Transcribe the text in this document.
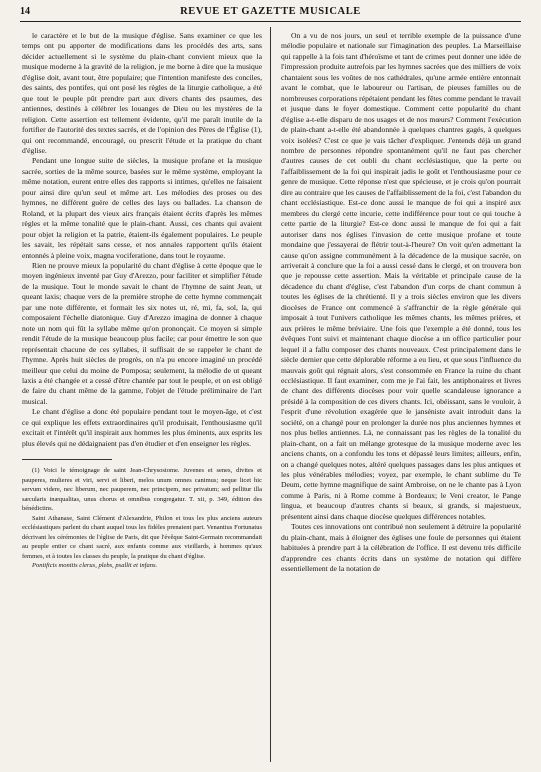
14	REVUE ET GAZETTE MUSICALE

le caractère et le but de la musique d'église. Sans examiner ce que les temps ont pu apporter de modifications dans les procédés des arts, sans décider actuellement si le système du plain-chant convient mieux que la musique moderne à la gravité de la religion, je me borne à dire que la musique d'église doit, avant tout, être populaire; que l'intention manifeste des conciles, des saints, des pontifes, qui ont posé les règles de la liturgie catholique, a été que tout le peuple pût prendre part aux divers chants des psaumes, des antiennes, destinés à célébrer les louanges de Dieu ou les mystères de la religion. Cette assertion est tellement évidente, qu'il me paraît inutile de la fortifier de l'autorité des textes sacrés, et de l'opinion des Pères de l'Église (1), qui ont recommandé, encouragé, ou prescrit l'étude et la pratique du chant d'église.

Pendant une longue suite de siècles, la musique profane et la musique sacrée, sorties de la même source, basées sur le même système, employant la même notation, eurent entre elles des rapports si intimes, qu'elles ne faisaient pour ainsi dire qu'un seul et même art. Les mélodies des proses ou des hymnes, ne différent guère de celles des lays ou ballades. La chanson de Roland, et la plupart des vieux airs français étaient écrits d'après les mêmes règles et la même tonalité que le plain-chant. Aussi, ces chants qui avaient pour objet la religion et la patrie, étaient-ils également populaires. Le peuple les savait, les répétait sans cesse, et nos annales rapportent qu'ils étaient entonnés à pleine voix, magna vociferatione, dans tout le royaume.

Rien ne prouve mieux la popularité du chant d'église à cette époque que le moyen ingénieux inventé par Guy d'Arezzo, pour faciliter et simplifier l'étude de la musique. Tout le monde savait le chant de l'hymne de saint Jean, ut queant laxis; chaque vers de la première strophe de cette hymne commençait par une note différente, et formait les six notes ut, ré, mi, fa, sol, la, qui composaient l'échelle diatonique. Guy d'Arezzo imagina de donner à chaque note un nom qui fût la syllabe même qu'on prononçait. Ce moyen si simple rendit l'étude de la musique beaucoup plus facile; car pour émettre le son que représentait chacune de ces syllabes, il suffisait de se rappeler le chant de l'hymne. Après huit siècles de progrès, on n'a pu encore imaginé un procédé meilleur que celui du moine de Pomposa; seulement, la mélodie de ut queant laxis a été changée et a cessé d'être chantée par tout le peuple, et on est obligé de faire du chant même de la gamme, l'objet de l'étude préliminaire de l'art musical.

Le chant d'église a donc été populaire pendant tout le moyen-âge, et c'est ce qui explique les effets extraordinaires qu'il produisait, l'enthousiasme qu'il excitait et l'intérêt qu'il inspirait aux hommes les plus éminents, aux esprits les plus élevés qui ne dédaignaient pas d'en étudier et d'en enseigner les règles.

(1) Voici le témoignage de saint Jean-Chrysostome. Juvenes et senes, divites et pauperes, mulieres et viri, servi et liberi, melos unum omnes canimus; neque licet hic servum videre, nec liberum, nec pauperem, nec principem, nec privatum; sed pellitur illa sæcularis inæqualitas, unus chorus et omnibus congregatur. T. xii, p. 349, édition des bénédictins.

Saint Athanase, Saint Clément d'Alexandrie, Philon et tous les plus anciens auteurs ecclésiastiques parlent du chant auquel tous les fidèles prenaient part. Venantius Fortunatus décrivant les cérémonies de l'église de Paris, dit que l'évêque Saint-Germain recommandait au peuple entier ce chant sacré, aux enfants comme aux vieillards, à hommes qu'aux femmes, et à toutes les classes du peuple, la pratique du chant d'église.

Pontificis monitis clerus, plebs, psallit et infans.

On a vu de nos jours, un seul et terrible exemple de la puissance d'une mélodie populaire et nationale sur l'imagination des peuples. La Marseillaise qui rappelle à la fois tant d'héroïsme et tant de crimes peut donner une idée de l'impression produite autrefois par les hymnes sacrées que des milliers de voix chantaient sous les voûtes de nos cathédrales, qu'une armée entière entonnait avant le combat, que le laboureur ou l'artisan, de pieuses familles ou de nombreuses corporations répétaient pendant les fêtes comme pendant le travail et jusque dans le foyer domestique. Comment cette popularité du chant d'église a-t-elle disparu de nos usages et de nos mœurs? Comment l'exécution de plain-chant a-t-elle été abandonnée à quelques chantres gagés, à quelques voix isolées? C'est ce que je vais tâcher d'expliquer. J'entends déjà un grand nombre de personnes répondre spontanément qu'il ne faut pas chercher d'autres causes de cet oubli du chant ecclésiastique, que la perte ou l'affaiblissement de la foi qui inspirait jadis le goût et l'enthousiasme pour ce genre de musique. Cette réponse n'est que spécieuse, et je crois qu'on pourrait dire au contraire que les causes de l'affaiblissement de la foi, c'est l'abandon du chant ecclésiastique. Est-ce donc aussi le manque de foi qui a inspiré aux membres du clergé cette incurie, cette indifférence pour tout ce qui touche à cette partie de la liturgie? Est-ce donc aussi le manque de foi qui a fait autoriser dans nos églises l'invasion de cette musique profane et toute mondaine que j'essayerai de flétrir tout-à-l'heure? On voit qu'en admettant la cause qu'on assigne communément à la décadence de la musique sacrée, on arriverait à conclure que la foi a aussi cessé dans le clergé, et on trouvera bon que je repousse cette assertion. Mais la véritable et principale cause de la décadence du chant d'église, c'est l'abandon d'un corps de chant commun à toutes les églises de la chrétienté. Il y a trois siècles environ que les divers diocèses de France ont commencé à s'affranchir de la règle générale qui imposait à tout l'univers catholique les mêmes chants, les mêmes prières, et aux prières le même bréviaire. Une fois que l'exemple a été donné, tous les évêques l'ont suivi et maintenant chaque diocèse a un office particulier pour lequel il a fallu composer des chants nouveaux. C'est principalement dans le siècle dernier que cette déplorable réforme a eu lieu, et que sous l'influence du mauvais goût qui régnait alors, s'est consommée en France la ruine du chant ecclésiastique. Il faut examiner, com me je l'ai fait, les antiphonaires et livres de chant des différents diocèses pour voir quelle scandaleuse ignorance a présidé à la composition de ces divers chants. Ici, obéissant, sans le vouloir, à l'esprit d'une révolution exagérée que le janséniste avait introduit dans la société, on a changé pour en prolonger la durée nos plus anciennes hymnes et nos plus belles antiennes. Là, ne connaissant pas les règles de la tonalité du plain-chant, on a fait un mélange grotesque de la musique moderne avec les anciens chants, on a confondu les tons et dépassé leurs limites; ailleurs, enfin, on a changé quelques notes, altéré quelques passages dans les plus antiques et les plus vénérables mélodies; voyez, par exemple, le chant sublime du Te Deum, cette hymne magnifique de saint Ambroise, on ne le chante pas à Lyon comme à Paris, ni à Rome comme à Bordeaux; le Veni creator, le Pange lingua, et beaucoup d'autres chants si beaux, si grands, si majestueux, présentent ainsi dans chaque diocèse quelques différences notables.

Toutes ces innovations ont contribué non seulement à détruire la popularité du plain-chant, mais à éloigner des églises une foule de personnes qui étaient habituées à prendre part à la célébration de l'office. Il est devenu très difficile d'apprendre ces chants écrits dans un système de notation qui diffère essentiellement de la notation de
